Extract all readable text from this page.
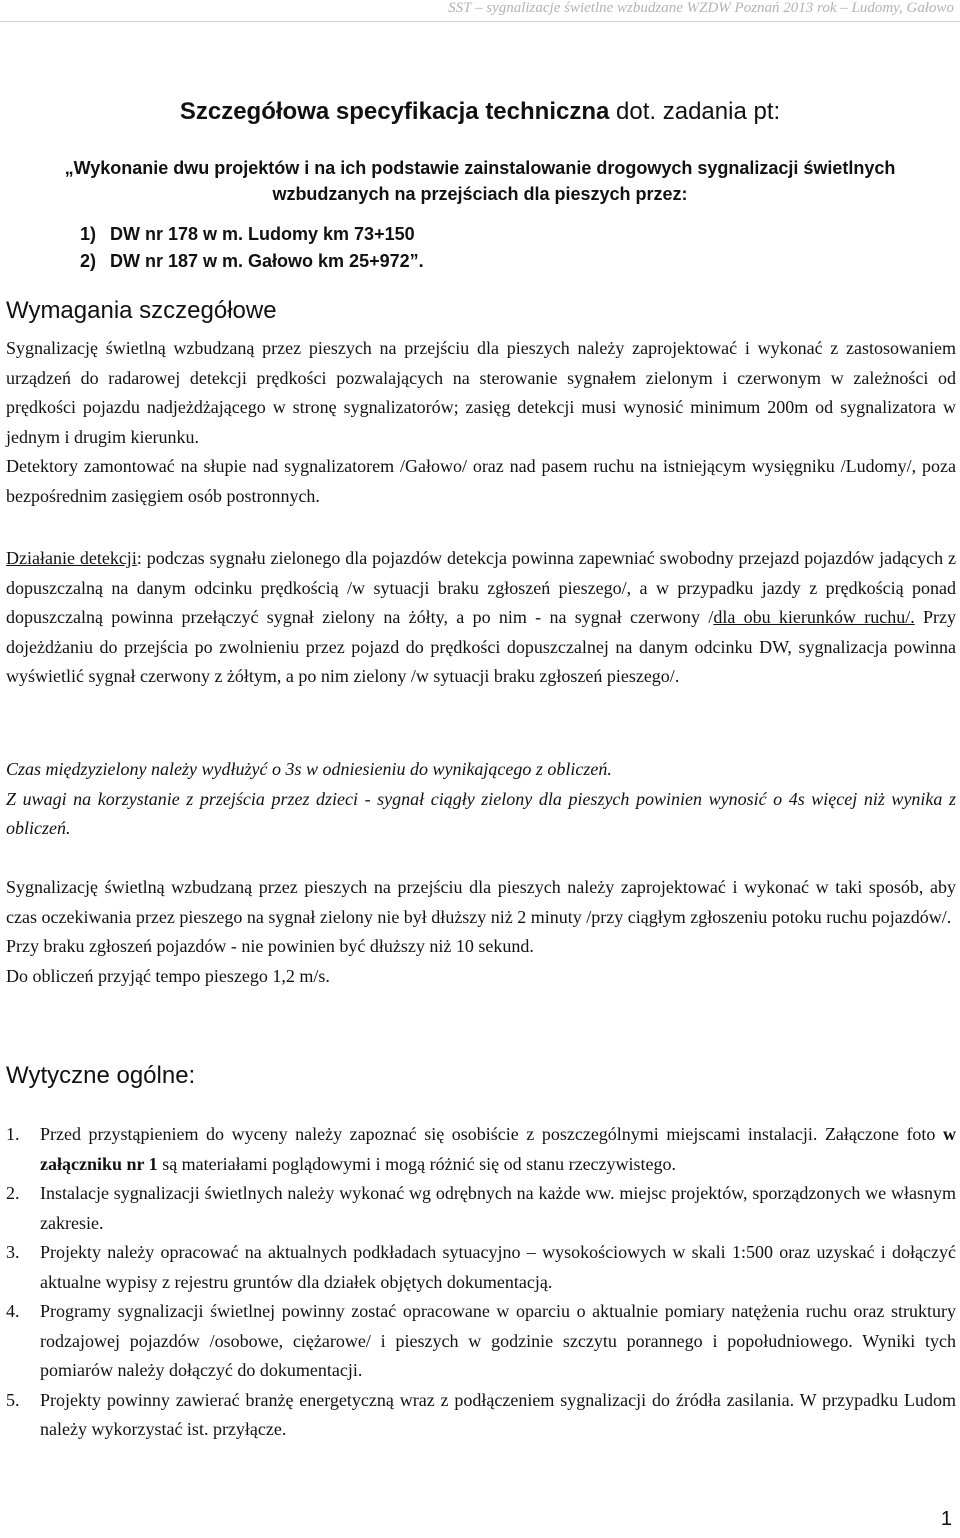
SST – sygnalizacje świetlne wzbudzane WZDW Poznań 2013 rok – Ludomy, Gałowo
Szczegółowa specyfikacja techniczna dot. zadania pt:
„Wykonanie dwu projektów i na ich podstawie zainstalowanie drogowych sygnalizacji świetlnych
wzbudzanych na przejściach dla pieszych przez:
1) DW nr 178 w m. Ludomy km 73+150
2) DW nr 187 w m. Gałowo km 25+972”.
Wymagania szczegółowe

Sygnalizację świetlną wzbudzaną przez pieszych na przejściu dla pieszych należy zaprojektować i wykonać z zastosowaniem urządzeń do radarowej detekcji prędkości pozwalających na sterowanie sygnałem zielonym i czerwonym w zależności od prędkości pojazdu nadjeżdżającego w stronę sygnalizatorów; zasięg detekcji musi wynosić minimum 200m od sygnalizatora w jednym i drugim kierunku.

Detektory zamontować na słupie nad sygnalizatorem /Gałowo/ oraz nad pasem ruchu na istniejącym wysięgniku /Ludomy/, poza bezpośrednim zasięgiem osób postronnych.

Działanie detekcji: podczas sygnału zielonego dla pojazdów detekcja powinna zapewniać swobodny przejazd pojazdów jadących z dopuszczalną na danym odcinku prędkością /w sytuacji braku zgłoszeń pieszego/, a w przypadku jazdy z prędkością ponad dopuszczalną powinna przełączyć sygnał zielony na żółty, a po nim - na sygnał czerwony /dla obu kierunków ruchu/. Przy dojeżdżaniu do przejścia po zwolnieniu przez pojazd do prędkości dopuszczalnej na danym odcinku DW, sygnalizacja powinna wyświetlić sygnał czerwony z żółtym, a po nim zielony /w sytuacji braku zgłoszeń pieszego/.

Czas międzyzielony należy wydłużyć o 3s w odniesieniu do wynikającego z obliczeń.

Z uwagi na korzystanie z przejścia przez dzieci - sygnał ciągły zielony dla pieszych powinien wynosić o 4s więcej niż wynika z obliczeń.

Sygnalizację świetlną wzbudzaną przez pieszych na przejściu dla pieszych należy zaprojektować i wykonać w taki sposób, aby czas oczekiwania przez pieszego na sygnał zielony nie był dłuższy niż 2 minuty /przy ciągłym zgłoszeniu potoku ruchu pojazdów/.

Przy braku zgłoszeń pojazdów - nie powinien być dłuższy niż 10 sekund.

Do obliczeń przyjąć tempo pieszego 1,2 m/s.

Wytyczne ogólne:
1. Przed przystąpieniem do wyceny należy zapoznać się osobiście z poszczególnymi miejscami instalacji. Załączone foto w załączniku nr 1 są materiałami poglądowymi i mogą różnić się od stanu rzeczywistego.
2. Instalacje sygnalizacji świetlnych należy wykonać wg odrębnych na każde ww. miejsc projektów, sporządzonych we własnym zakresie.
3. Projekty należy opracować na aktualnych podkładach sytuacyjno – wysokościowych w skali 1:500 oraz uzyskać i dołączyć aktualne wypisy z rejestru gruntów dla działek objętych dokumentacją.
4. Programy sygnalizacji świetlnej powinny zostać opracowane w oparciu o aktualnie pomiary natężenia ruchu oraz struktury rodzajowej pojazdów /osobowe, ciężarowe/ i pieszych w godzinie szczytu porannego i popołudniowego. Wyniki tych pomiarów należy dołączyć do dokumentacji.
5. Projekty powinny zawierać branżę energetyczną wraz z podłączeniem sygnalizacji do źródła zasilania. W przypadku Ludom należy wykorzystać ist. przyłącze.
1
